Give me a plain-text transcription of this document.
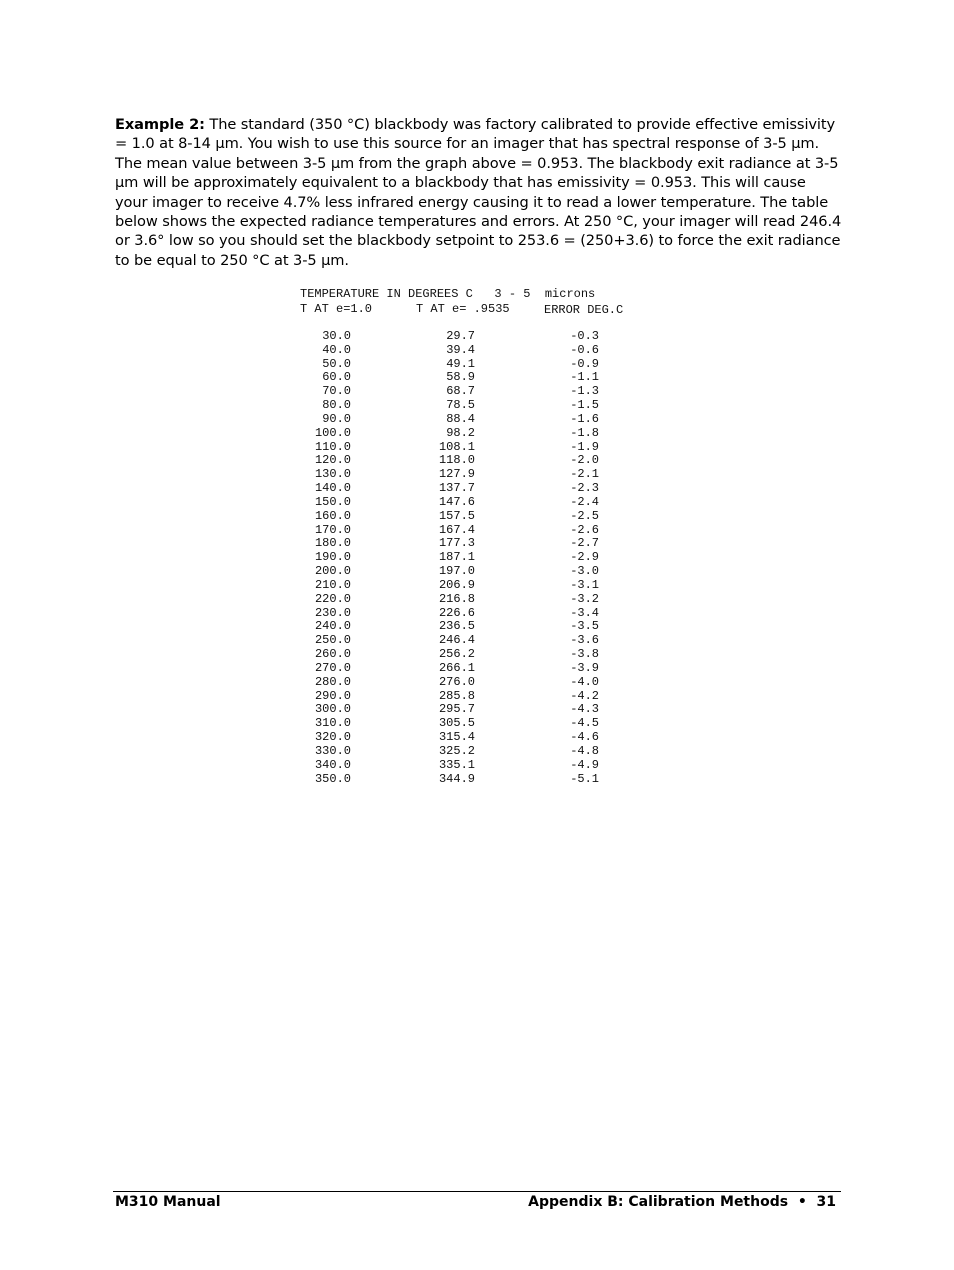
Example 2: The standard (350 °C) blackbody was factory calibrated to provide effective emissivity = 1.0 at 8-14 µm. You wish to use this source for an imager that has spectral response of 3-5 µm. The mean value between 3-5 µm from the graph above = 0.953. The blackbody exit radiance at 3-5 µm will be approximately equivalent to a blackbody that has emissivity = 0.953. This will cause your imager to receive 4.7% less infrared energy causing it to read a lower temperature. The table below shows the expected radiance temperatures and errors. At 250 °C, your imager will read 246.4 or 3.6° low so you should set the blackbody setpoint to 253.6 = (250+3.6) to force the exit radiance to be equal to 250 °C at 3-5 µm.
TEMPERATURE IN DEGREES C   3 - 5  microns
T AT e=1.0	T AT e= .9535	ERROR DEG.C
30.0	29.7	-0.3
40.0	39.4	-0.6
50.0	49.1	-0.9
60.0	58.9	-1.1
70.0	68.7	-1.3
80.0	78.5	-1.5
90.0	88.4	-1.6
100.0	98.2	-1.8
110.0	108.1	-1.9
120.0	118.0	-2.0
130.0	127.9	-2.1
140.0	137.7	-2.3
150.0	147.6	-2.4
160.0	157.5	-2.5
170.0	167.4	-2.6
180.0	177.3	-2.7
190.0	187.1	-2.9
200.0	197.0	-3.0
210.0	206.9	-3.1
220.0	216.8	-3.2
230.0	226.6	-3.4
240.0	236.5	-3.5
250.0	246.4	-3.6
260.0	256.2	-3.8
270.0	266.1	-3.9
280.0	276.0	-4.0
290.0	285.8	-4.2
300.0	295.7	-4.3
310.0	305.5	-4.5
320.0	315.4	-4.6
330.0	325.2	-4.8
340.0	335.1	-4.9
350.0	344.9	-5.1
M310 Manual	Appendix B: Calibration Methods  •  31
